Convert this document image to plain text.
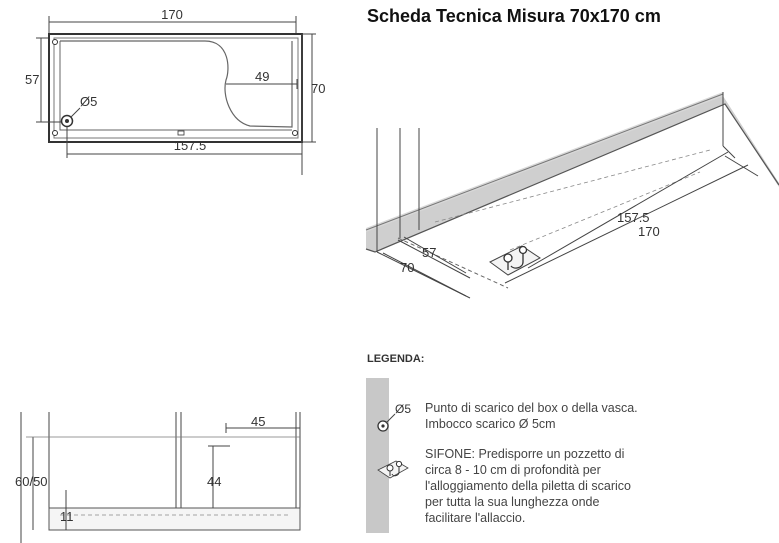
Scheda Tecnica Misura 70x170 cm
170
70
57	49
Ø5
157.5
57
70
157.5
170
60/50
45
44
11
Ø5
LEGENDA:

Punto di scarico del box o della vasca. Imbocco scarico Ø 5cm

SIFONE: Predisporre un pozzetto di circa 8 - 10 cm di profondità per l'alloggiamento della piletta di scarico per tutta la sua lunghezza onde facilitare l'allaccio.
